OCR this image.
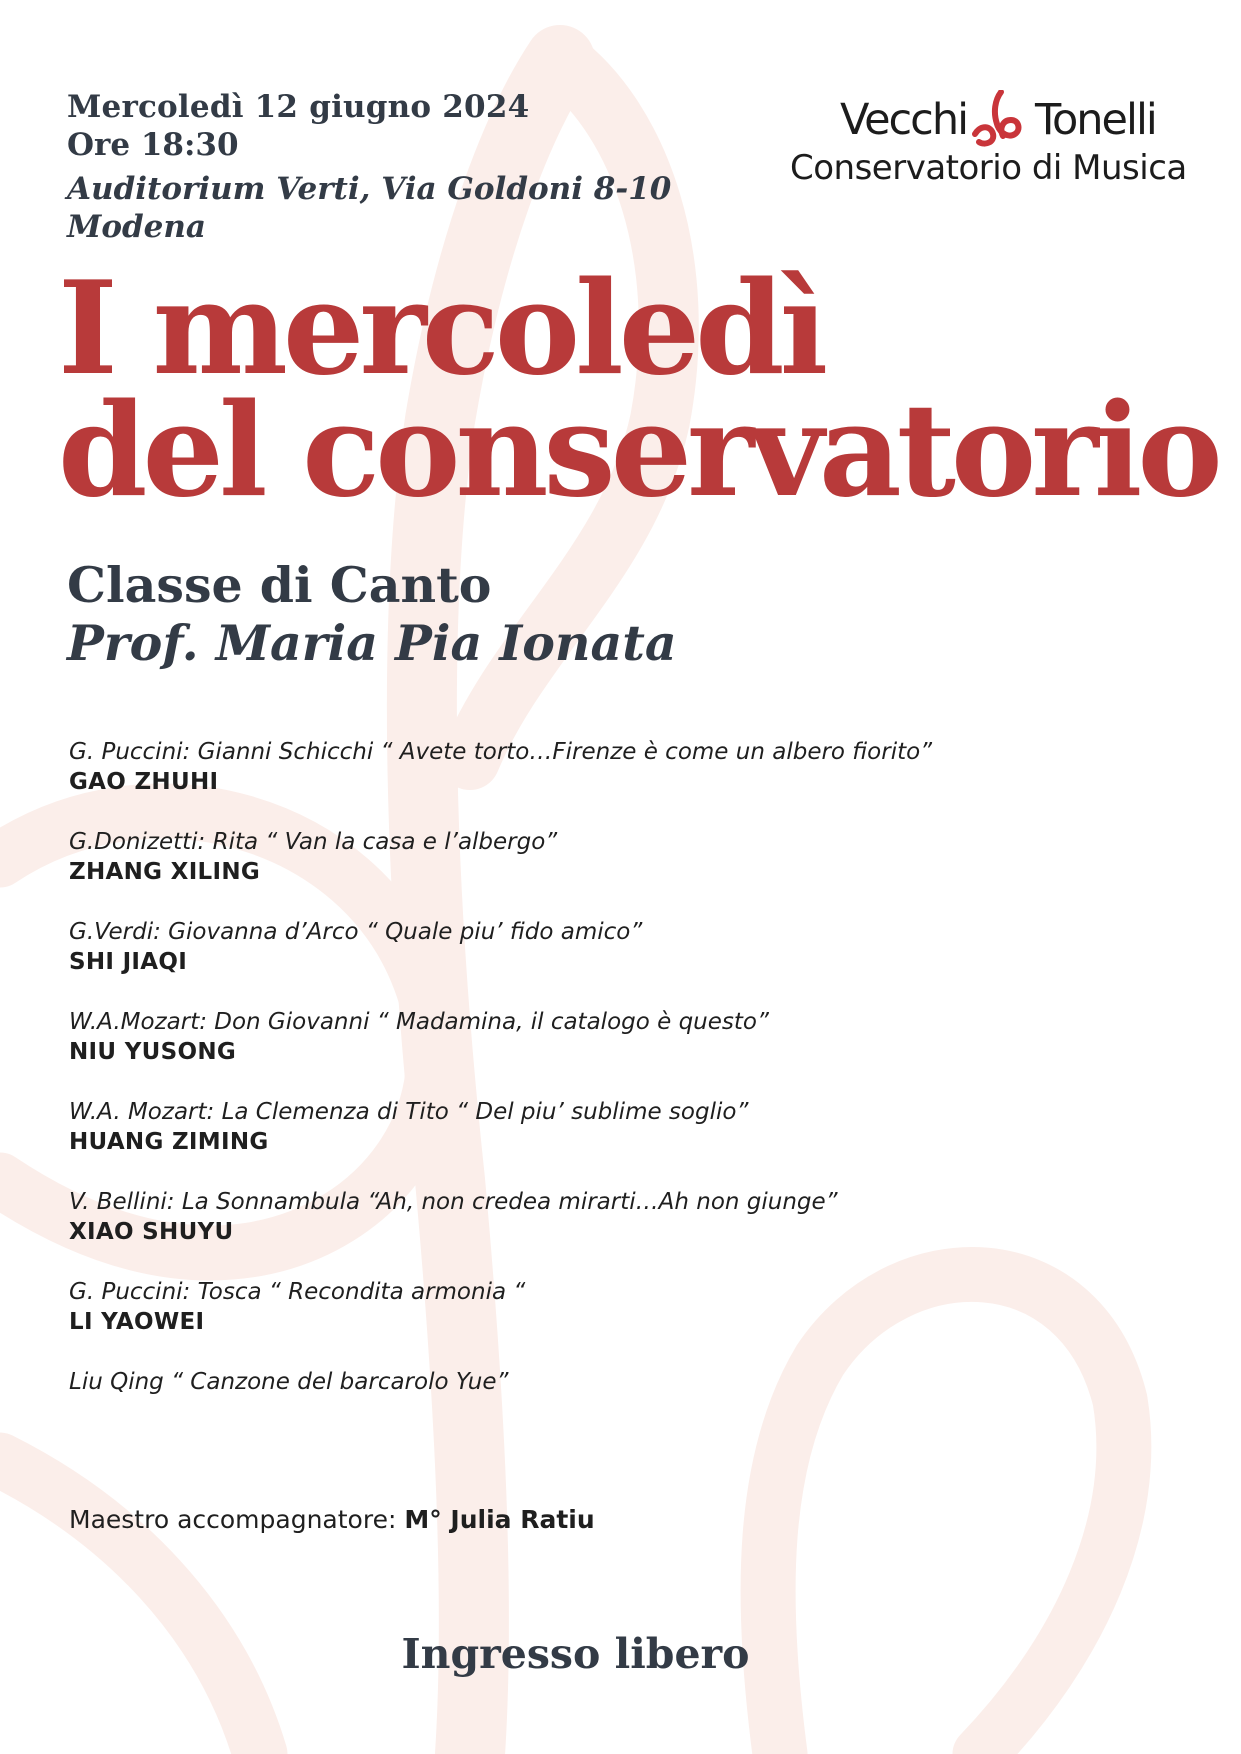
Mercoledì 12 giugno 2024
Ore 18:30
Auditorium Verti, Via Goldoni 8-10
Modena
Vecchi Tonelli
Conservatorio di Musica
I mercoledì
del conservatorio
Classe di Canto
Prof. Maria Pia Ionata
G. Puccini: Gianni Schicchi “ Avete torto…Firenze è come un albero fiorito”
GAO ZHUHI
G.Donizetti: Rita “ Van la casa e l’albergo”
ZHANG XILING
G.Verdi: Giovanna d’Arco “ Quale piu’ fido amico”
SHI JIAQI
W.A.Mozart: Don Giovanni “ Madamina, il catalogo è questo”
NIU YUSONG
W.A. Mozart: La Clemenza di Tito “ Del piu’ sublime soglio”
HUANG ZIMING
V. Bellini: La Sonnambula “Ah, non credea mirarti…Ah non giunge”
XIAO SHUYU
G. Puccini: Tosca “ Recondita armonia “
LI YAOWEI
Liu Qing “ Canzone del barcarolo Yue”
Maestro accompagnatore: M° Julia Ratiu
Ingresso libero
